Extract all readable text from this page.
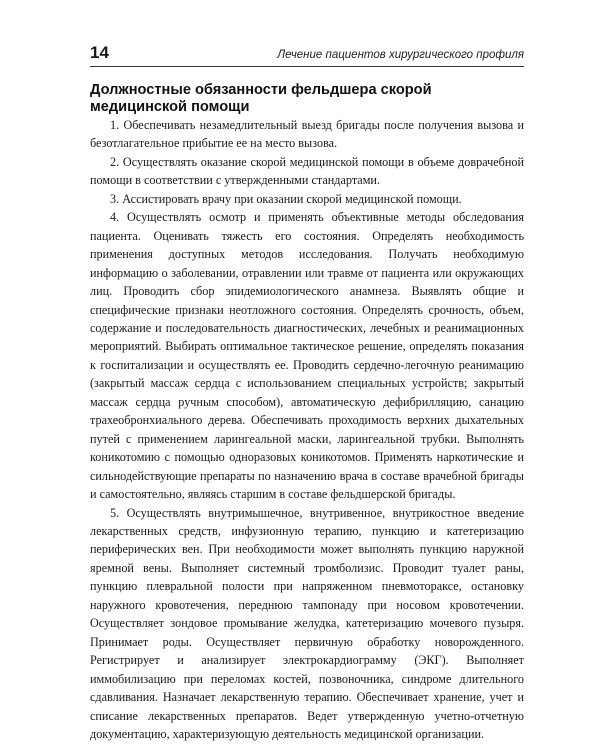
14	Лечение пациентов хирургического профиля
Должностные обязанности фельдшера скорой медицинской помощи

1. Обеспечивать незамедлительный выезд бригады после получения вызова и безотлагательное прибытие ее на место вызова.

2. Осуществлять оказание скорой медицинской помощи в объеме доврачебной помощи в соответствии с утвержденными стандартами.

3. Ассистировать врачу при оказании скорой медицинской помощи.

4. Осуществлять осмотр и применять объективные методы обследования пациента. Оценивать тяжесть его состояния. Определять необходимость применения доступных методов исследования. Получать необходимую информацию о заболевании, отравлении или травме от пациента или окружающих лиц. Проводить сбор эпидемиологического анамнеза. Выявлять общие и специфические признаки неотложного состояния. Определять срочность, объем, содержание и последовательность диагностических, лечебных и реанимационных мероприятий. Выбирать оптимальное тактическое решение, определять показания к госпитализации и осуществлять ее. Проводить сердечно-легочную реанимацию (закрытый массаж сердца с использованием специальных устройств; закрытый массаж сердца ручным способом), автоматическую дефибрилляцию, санацию трахеобронхиального дерева. Обеспечивать проходимость верхних дыхательных путей с применением ларингеальной маски, ларингеальной трубки. Выполнять коникотомию с помощью одноразовых коникотомов. Применять наркотические и сильнодействующие препараты по назначению врача в составе врачебной бригады и самостоятельно, являясь старшим в составе фельдшерской бригады.

5. Осуществлять внутримышечное, внутривенное, внутрикостное введение лекарственных средств, инфузионную терапию, пункцию и катетеризацию периферических вен. При необходимости может выполнять пункцию наружной яремной вены. Выполняет системный тромболизис. Проводит туалет раны, пункцию плевральной полости при напряженном пневмотораксе, остановку наружного кровотечения, переднюю тампонаду при носовом кровотечении. Осуществляет зондовое промывание желудка, катетеризацию мочевого пузыря. Принимает роды. Осуществляет первичную обработку новорожденного. Регистрирует и анализирует электрокардиограмму (ЭКГ). Выполняет иммобилизацию при переломах костей, позвоночника, синдроме длительного сдавливания. Назначает лекарственную терапию. Обеспечивает хранение, учет и списание лекарственных препаратов. Ведет утвержденную учетно-отчетную документацию, характеризующую деятельность медицинской организации.
